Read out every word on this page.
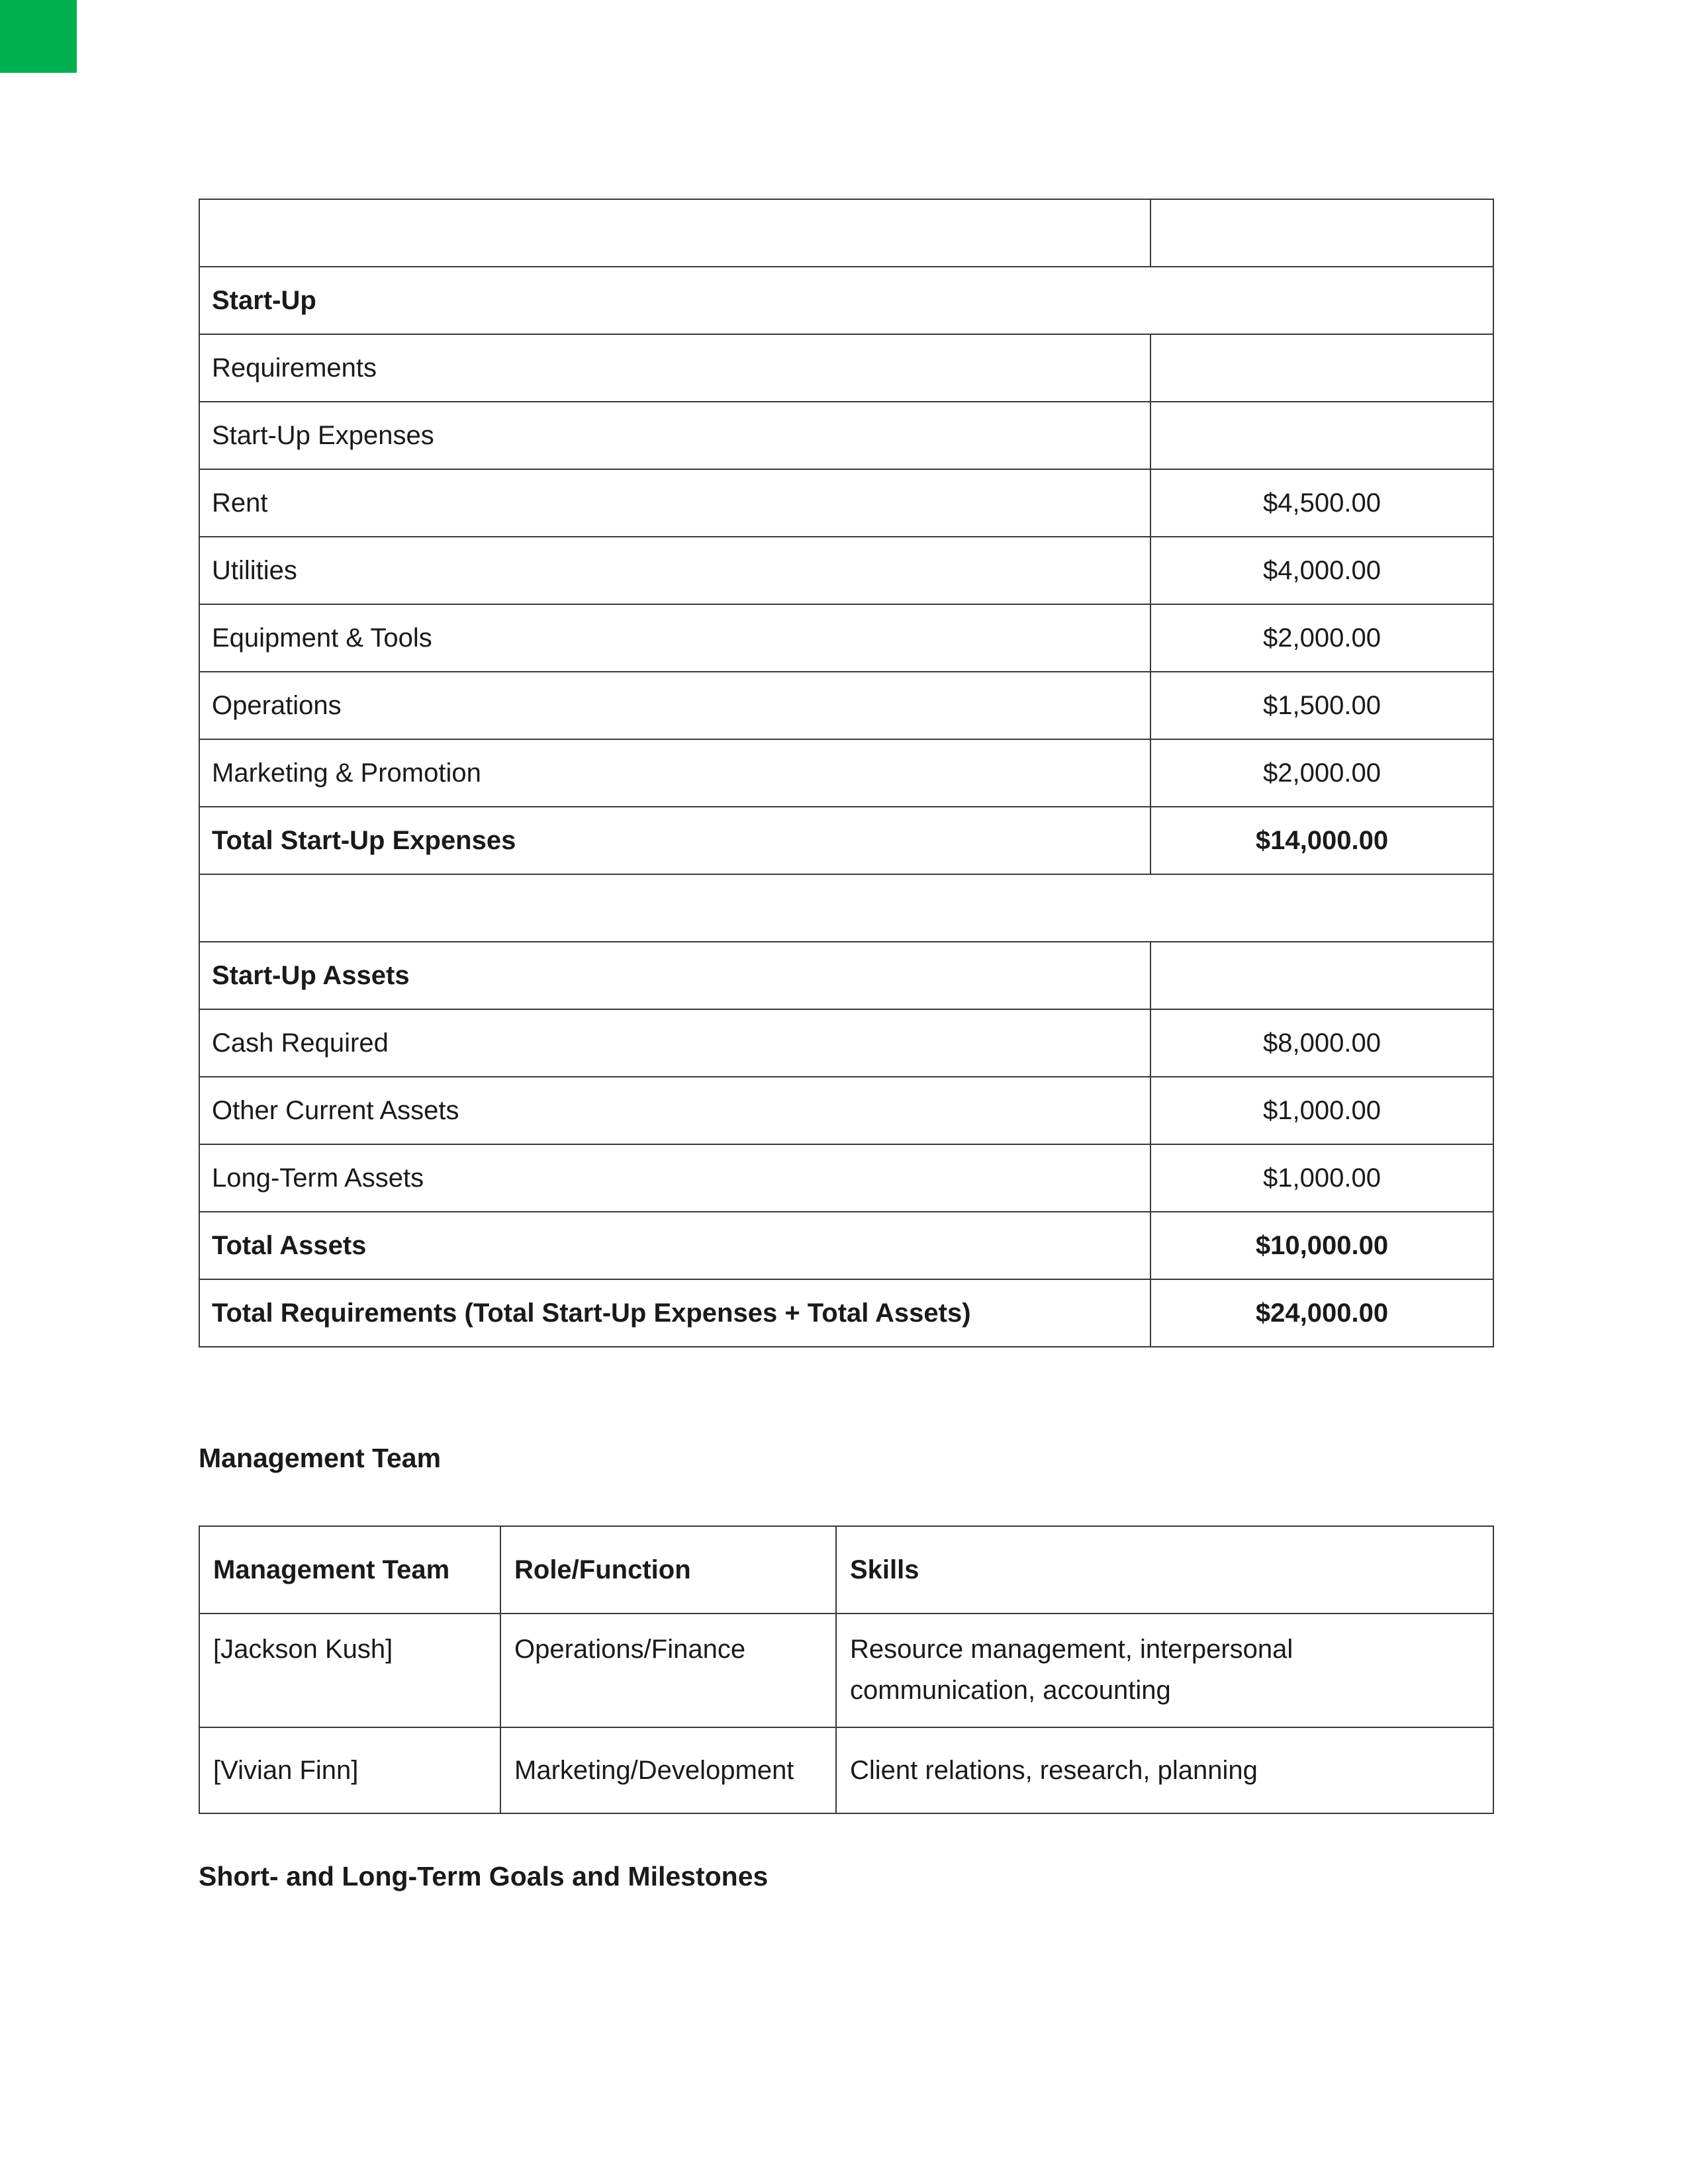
Start-Up	
Requirements	
Start-Up Expenses	
Rent	$4,500.00
Utilities	$4,000.00
Equipment & Tools	$2,000.00
Operations	$1,500.00
Marketing & Promotion	$2,000.00
Total Start-Up Expenses	$14,000.00

Start-Up Assets	
Cash Required	$8,000.00
Other Current Assets	$1,000.00
Long-Term Assets	$1,000.00
Total Assets	$10,000.00
Total Requirements (Total Start-Up Expenses + Total Assets)	$24,000.00
Management Team
Management Team	Role/Function	Skills
[Jackson Kush]	Operations/Finance	Resource management, interpersonal communication, accounting
[Vivian Finn]	Marketing/Development	Client relations, research, planning
Short- and Long-Term Goals and Milestones
